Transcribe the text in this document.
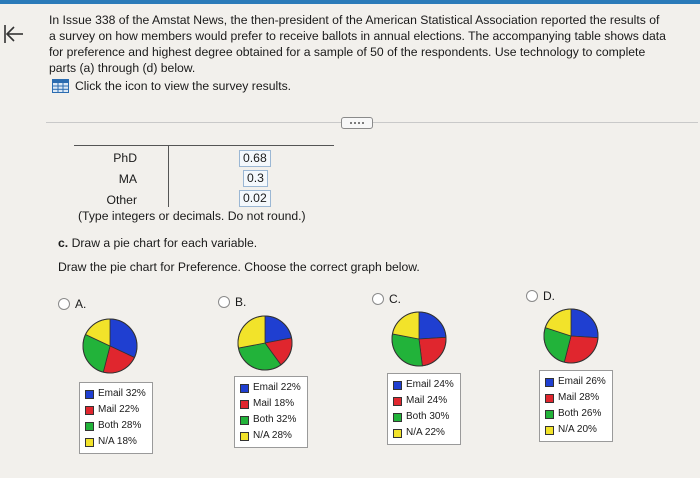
In Issue 338 of the Amstat News, the then-president of the American Statistical Association reported the results of a survey on how members would prefer to receive ballots in annual elections. The accompanying table shows data for preference and highest degree obtained for a sample of 50 of the respondents. Use technology to complete parts (a) through (d) below.

Click the icon to view the survey results.
PhD	0.68
MA	0.3
Other	0.02
(Type integers or decimals. Do not round.)
c. Draw a pie chart for each variable.
Draw the pie chart for Preference. Choose the correct graph below.
A.
Email 32%
Mail 22%
Both 28%
N/A 18%
B.
Email 22%
Mail 18%
Both 32%
N/A 28%
C.
Email 24%
Mail 24%
Both 30%
N/A 22%
D.
Email 26%
Mail 28%
Both 26%
N/A 20%
